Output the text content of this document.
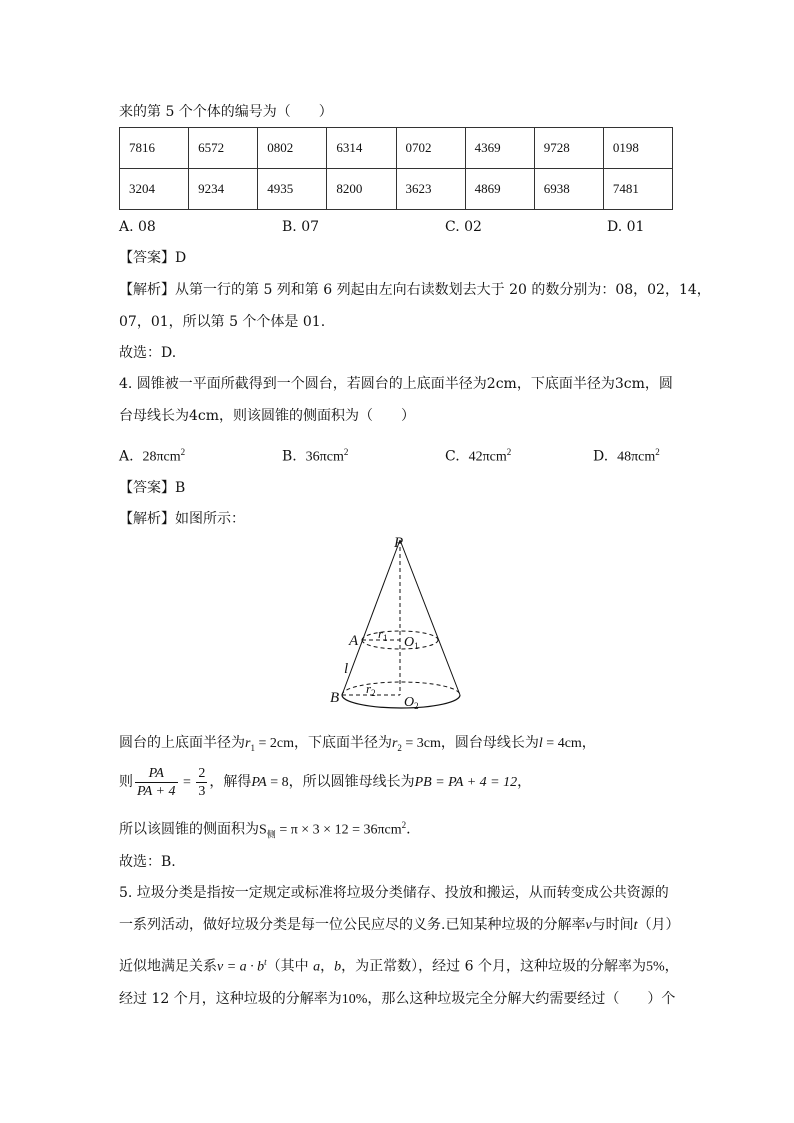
来的第 5 个个体的编号为（　　）
7816	6572	0802	6314	0702	4369	9728	0198
3204	9234	4935	8200	3623	4869	6938	7481
A. 08	B. 07	C. 02	D. 01
【答案】D
【解析】从第一行的第 5 列和第 6 列起由左向右读数划去大于 20 的数分别为：08，02，14，
07，01，所以第 5 个个体是 01.
故选：D.
4. 圆锥被一平面所截得到一个圆台，若圆台的上底面半径为2cm，下底面半径为3cm，圆
台母线长为4cm，则该圆锥的侧面积为（　　）
A. 28πcm$^2$	B. 36πcm$^2$	C. 42πcm$^2$	D. 48πcm$^2$
【答案】B
【解析】如图所示：
P
A
B
l
$r_1$
$r_2$
$O_1$
$O_2$
圆台的上底面半径为$r_1 = 2cm$，下底面半径为$r_2 = 3cm$，圆台母线长为l = 4cm，
则 $\frac{PA}{PA + 4} = \frac{2}{3}$ ，解得PA = 8，所以圆锥母线长为PB = PA + 4 = 12，
所以该圆锥的侧面积为$S_侧 = \pi \times 3 \times 12 = 36\pi cm^2$.
故选：B.
5. 垃圾分类是指按一定规定或标准将垃圾分类储存、投放和搬运，从而转变成公共资源的
一系列活动，做好垃圾分类是每一位公民应尽的义务.已知某种垃圾的分解率v与时间t（月）
近似地满足关系$v = a \cdot b^t$（其中 a，b，为正常数），经过 6 个月，这种垃圾的分解率为5%，
经过 12 个月，这种垃圾的分解率为10%，那么这种垃圾完全分解大约需要经过（　　）个
